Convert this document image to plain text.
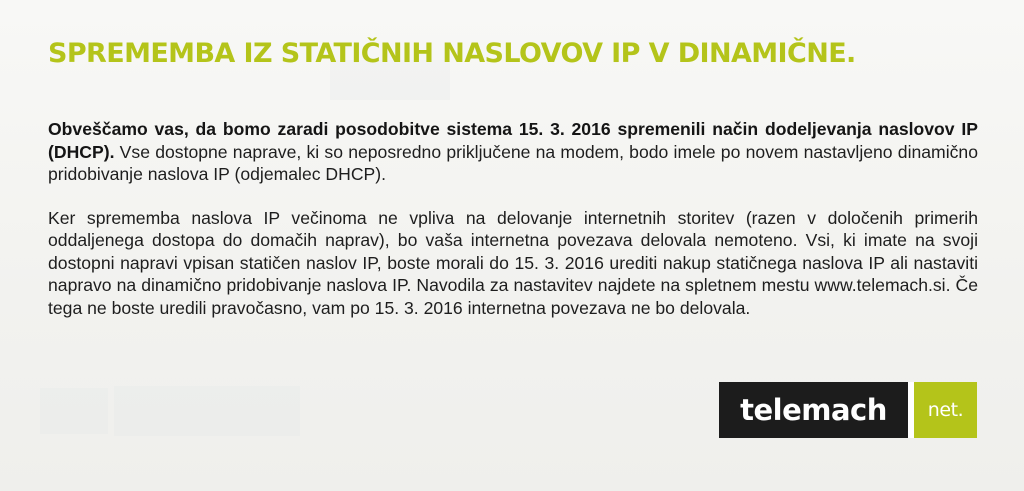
SPREMEMBA IZ STATIČNIH NASLOVOV IP V DINAMIČNE.

Obveščamo vas, da bomo zaradi posodobitve sistema 15. 3. 2016 spremenili način dodeljevanja naslovov IP (DHCP). Vse dostopne naprave, ki so neposredno priključene na modem, bodo imele po novem nastavljeno dinamično pridobivanje naslova IP (odjemalec DHCP).

Ker sprememba naslova IP večinoma ne vpliva na delovanje internetnih storitev (razen v določenih primerih oddaljenega dostopa do domačih naprav), bo vaša internetna povezava delovala nemoteno. Vsi, ki imate na svoji dostopni napravi vpisan statičen naslov IP, boste morali do 15. 3. 2016 urediti nakup statičnega naslova IP ali nastaviti napravo na dinamično pridobivanje naslova IP. Navodila za nastavitev najdete na spletnem mestu www.telemach.si. Če tega ne boste uredili pravočasno, vam po 15. 3. 2016 internetna povezava ne bo delovala.

telemach	net.
